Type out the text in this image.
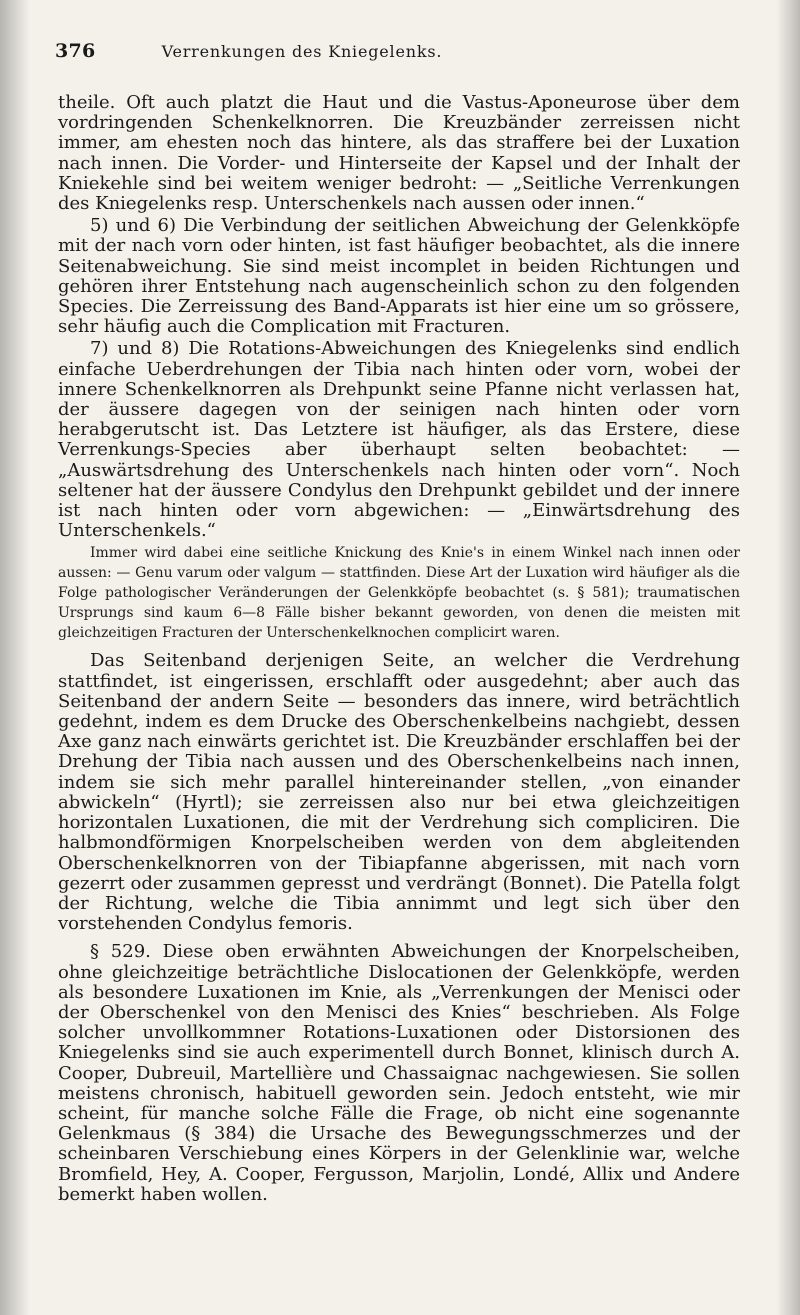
376	Verrenkungen des Kniegelenks.

theile. Oft auch platzt die Haut und die Vastus-Aponeurose über dem vordringenden Schenkelknorren. Die Kreuzbänder zerreissen nicht immer, am ehesten noch das hintere, als das straffere bei der Luxation nach innen. Die Vorder- und Hinterseite der Kapsel und der Inhalt der Kniekehle sind bei weitem weniger bedroht: — „Seitliche Verrenkungen des Kniegelenks resp. Unterschenkels nach aussen oder innen.“

5) und 6) Die Verbindung der seitlichen Abweichung der Gelenkköpfe mit der nach vorn oder hinten, ist fast häufiger beobachtet, als die innere Seitenabweichung. Sie sind meist incomplet in beiden Richtungen und gehören ihrer Entstehung nach augenscheinlich schon zu den folgenden Species. Die Zerreissung des Band-Apparats ist hier eine um so grössere, sehr häufig auch die Complication mit Fracturen.

7) und 8) Die Rotations-Abweichungen des Kniegelenks sind endlich einfache Ueberdrehungen der Tibia nach hinten oder vorn, wobei der innere Schenkelknorren als Drehpunkt seine Pfanne nicht verlassen hat, der äussere dagegen von der seinigen nach hinten oder vorn herabgerutscht ist. Das Letztere ist häufiger, als das Erstere, diese Verrenkungs-Species aber überhaupt selten beobachtet: — „Auswärtsdrehung des Unterschenkels nach hinten oder vorn“. Noch seltener hat der äussere Condylus den Drehpunkt gebildet und der innere ist nach hinten oder vorn abgewichen: — „Einwärtsdrehung des Unterschenkels.“

Immer wird dabei eine seitliche Knickung des Knie's in einem Winkel nach innen oder aussen: — Genu varum oder valgum — stattfinden. Diese Art der Luxation wird häufiger als die Folge pathologischer Veränderungen der Gelenkköpfe beobachtet (s. § 581); traumatischen Ursprungs sind kaum 6—8 Fälle bisher bekannt geworden, von denen die meisten mit gleichzeitigen Fracturen der Unterschenkelknochen complicirt waren.

Das Seitenband derjenigen Seite, an welcher die Verdrehung stattfindet, ist eingerissen, erschlafft oder ausgedehnt; aber auch das Seitenband der andern Seite — besonders das innere, wird beträchtlich gedehnt, indem es dem Drucke des Oberschenkelbeins nachgiebt, dessen Axe ganz nach einwärts gerichtet ist. Die Kreuzbänder erschlaffen bei der Drehung der Tibia nach aussen und des Oberschenkelbeins nach innen, indem sie sich mehr parallel hintereinander stellen, „von einander abwickeln“ (Hyrtl); sie zerreissen also nur bei etwa gleichzeitigen horizontalen Luxationen, die mit der Verdrehung sich compliciren. Die halbmondförmigen Knorpelscheiben werden von dem abgleitenden Oberschenkelknorren von der Tibiapfanne abgerissen, mit nach vorn gezerrt oder zusammen gepresst und verdrängt (Bonnet). Die Patella folgt der Richtung, welche die Tibia annimmt und legt sich über den vorstehenden Condylus femoris.

§ 529. Diese oben erwähnten Abweichungen der Knorpelscheiben, ohne gleichzeitige beträchtliche Dislocationen der Gelenkköpfe, werden als besondere Luxationen im Knie, als „Verrenkungen der Menisci oder der Oberschenkel von den Menisci des Knies“ beschrieben. Als Folge solcher unvollkommner Rotations-Luxationen oder Distorsionen des Kniegelenks sind sie auch experimentell durch Bonnet, klinisch durch A. Cooper, Dubreuil, Martellière und Chassaignac nachgewiesen. Sie sollen meistens chronisch, habituell geworden sein. Jedoch entsteht, wie mir scheint, für manche solche Fälle die Frage, ob nicht eine sogenannte Gelenkmaus (§ 384) die Ursache des Bewegungsschmerzes und der scheinbaren Verschiebung eines Körpers in der Gelenklinie war, welche Bromfield, Hey, A. Cooper, Fergusson, Marjolin, Londé, Allix und Andere bemerkt haben wollen.
